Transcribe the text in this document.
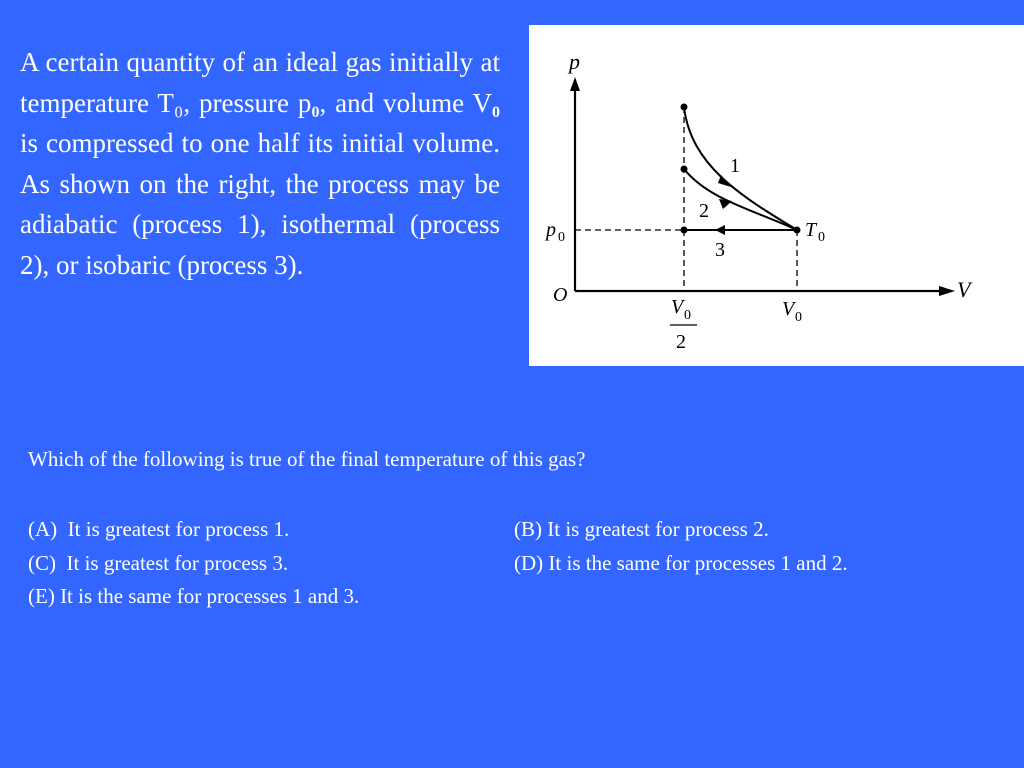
A certain quantity of an ideal gas initially at temperature T₀, pressure $p_0$, and volume $V_0$ is compressed to one half its initial volume. As shown on the right, the process may be adiabatic (process 1), isothermal (process 2), or isobaric (process 3).

p
V
O
p 0	T 0
V 0
V 0
2
1
2
3

Which of the following is true of the final temperature of this gas?

(A)  It is greatest for process 1.	(B) It is greatest for process 2.
(C)  It is greatest for process 3.	(D) It is the same for processes 1 and 2.
(E) It is the same for processes 1 and 3.
